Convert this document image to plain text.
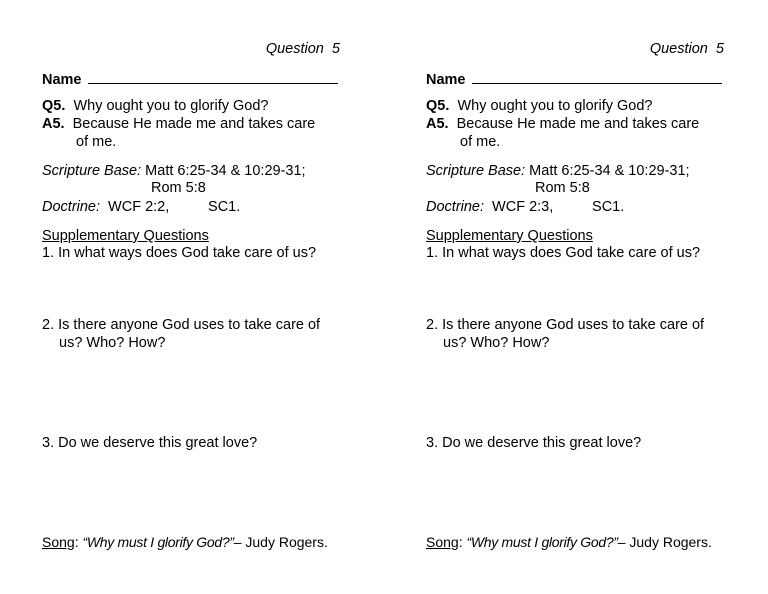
Question 5
Name
Q5. Why ought you to glorify God?
A5. Because He made me and takes care
of me.
Scripture Base: Matt 6:25-34 & 10:29-31;
Rom 5:8
Doctrine: WCF 2:2,	SC1.
Supplementary Questions
1. In what ways does God take care of us?
2. Is there anyone God uses to take care of
us? Who? How?
3. Do we deserve this great love?
Song: “Why must I glorify God?”– Judy Rogers.
Question 5
Name
Q5. Why ought you to glorify God?
A5. Because He made me and takes care
of me.
Scripture Base: Matt 6:25-34 & 10:29-31;
Rom 5:8
Doctrine: WCF 2:3,	SC1.
Supplementary Questions
1. In what ways does God take care of us?
2. Is there anyone God uses to take care of
us? Who? How?
3. Do we deserve this great love?
Song: “Why must I glorify God?”– Judy Rogers.
